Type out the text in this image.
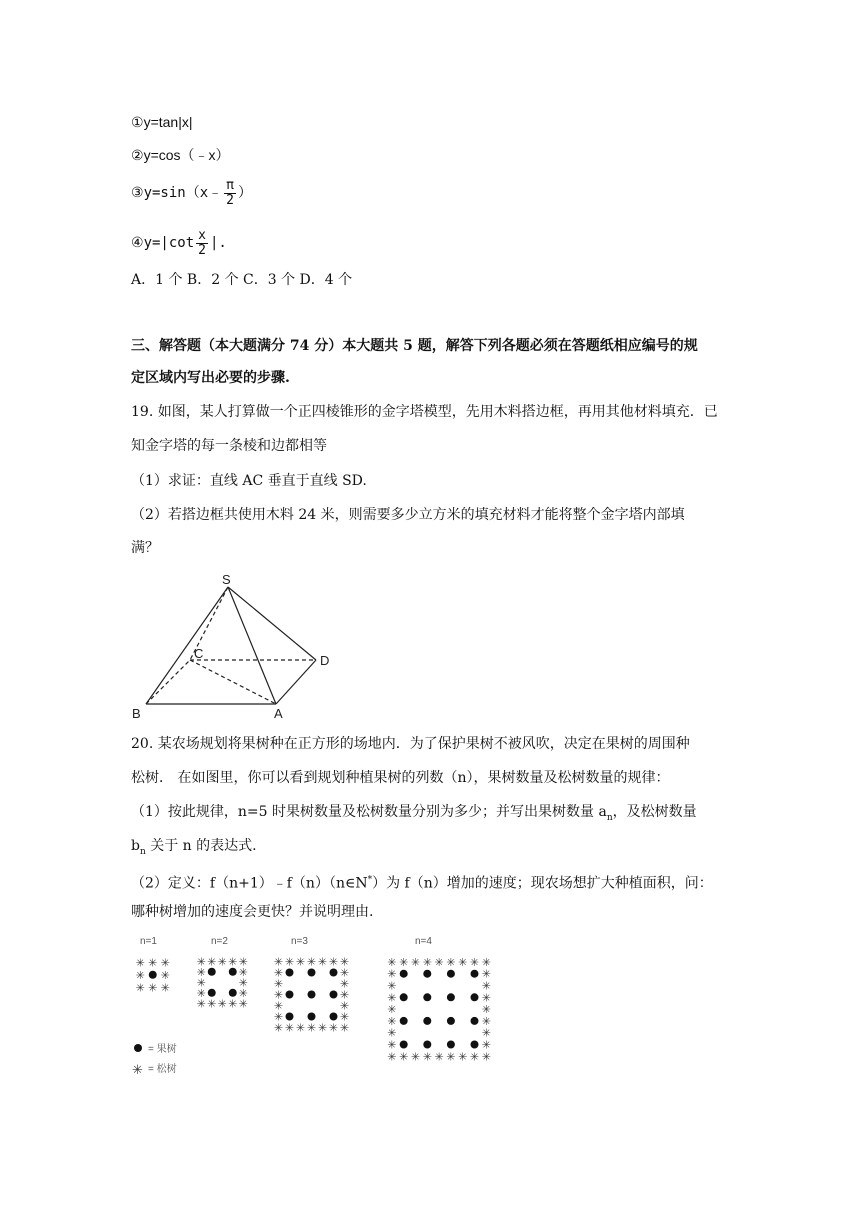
①y=tan|x|
②y=cos（﹣x）
③y=sin（x﹣ $\frac{\pi}{2}$ ）
④y=|cot $\frac{x}{2}$ |.
A．1 个 B．2 个 C．3 个 D．4 个
三、解答题（本大题满分 74 分）本大题共 5 题，解答下列各题必须在答题纸相应编号的规
定区域内写出必要的步骤.
19. 如图，某人打算做一个正四棱锥形的金字塔模型，先用木料搭边框，再用其他材料填充．已
知金字塔的每一条棱和边都相等
（1）求证：直线 AC 垂直于直线 SD.
（2）若搭边框共使用木料 24 米，则需要多少立方米的填充材料才能将整个金字塔内部填
满？
S
C	D
B	A
20. 某农场规划将果树种在正方形的场地内．为了保护果树不被风吹，决定在果树的周围种
松树． 在如图里，你可以看到规划种植果树的列数（n），果树数量及松树数量的规律：
（1）按此规律，n=5 时果树数量及松树数量分别为多少；并写出果树数量 $a_n$，及松树数量
$b_n$ 关于 n 的表达式.
（2）定义：f（n+1）﹣f（n）（n∈N*）为 f（n）增加的速度；现农场想扩大种植面积，问：
哪种树增加的速度会更快？并说明理由.
n=1	n=2	n=3	n=4
✳ ✳ ✳
✳ ✳
✳ ✳ ✳
✳ ✳ ✳ ✳ ✳
✳	✳
✳	✳
✳	✳
✳ ✳ ✳ ✳ ✳
✳ ✳ ✳ ✳ ✳ ✳ ✳
✳	✳
✳	✳
✳	✳
✳	✳
✳	✳
✳ ✳ ✳ ✳ ✳ ✳ ✳
✳ ✳ ✳ ✳ ✳ ✳ ✳ ✳ ✳
✳	✳
✳	✳
✳	✳
✳	✳
✳	✳
✳	✳
✳	✳
✳ ✳ ✳ ✳ ✳ ✳ ✳ ✳ ✳
= 果树
✳ = 松树
